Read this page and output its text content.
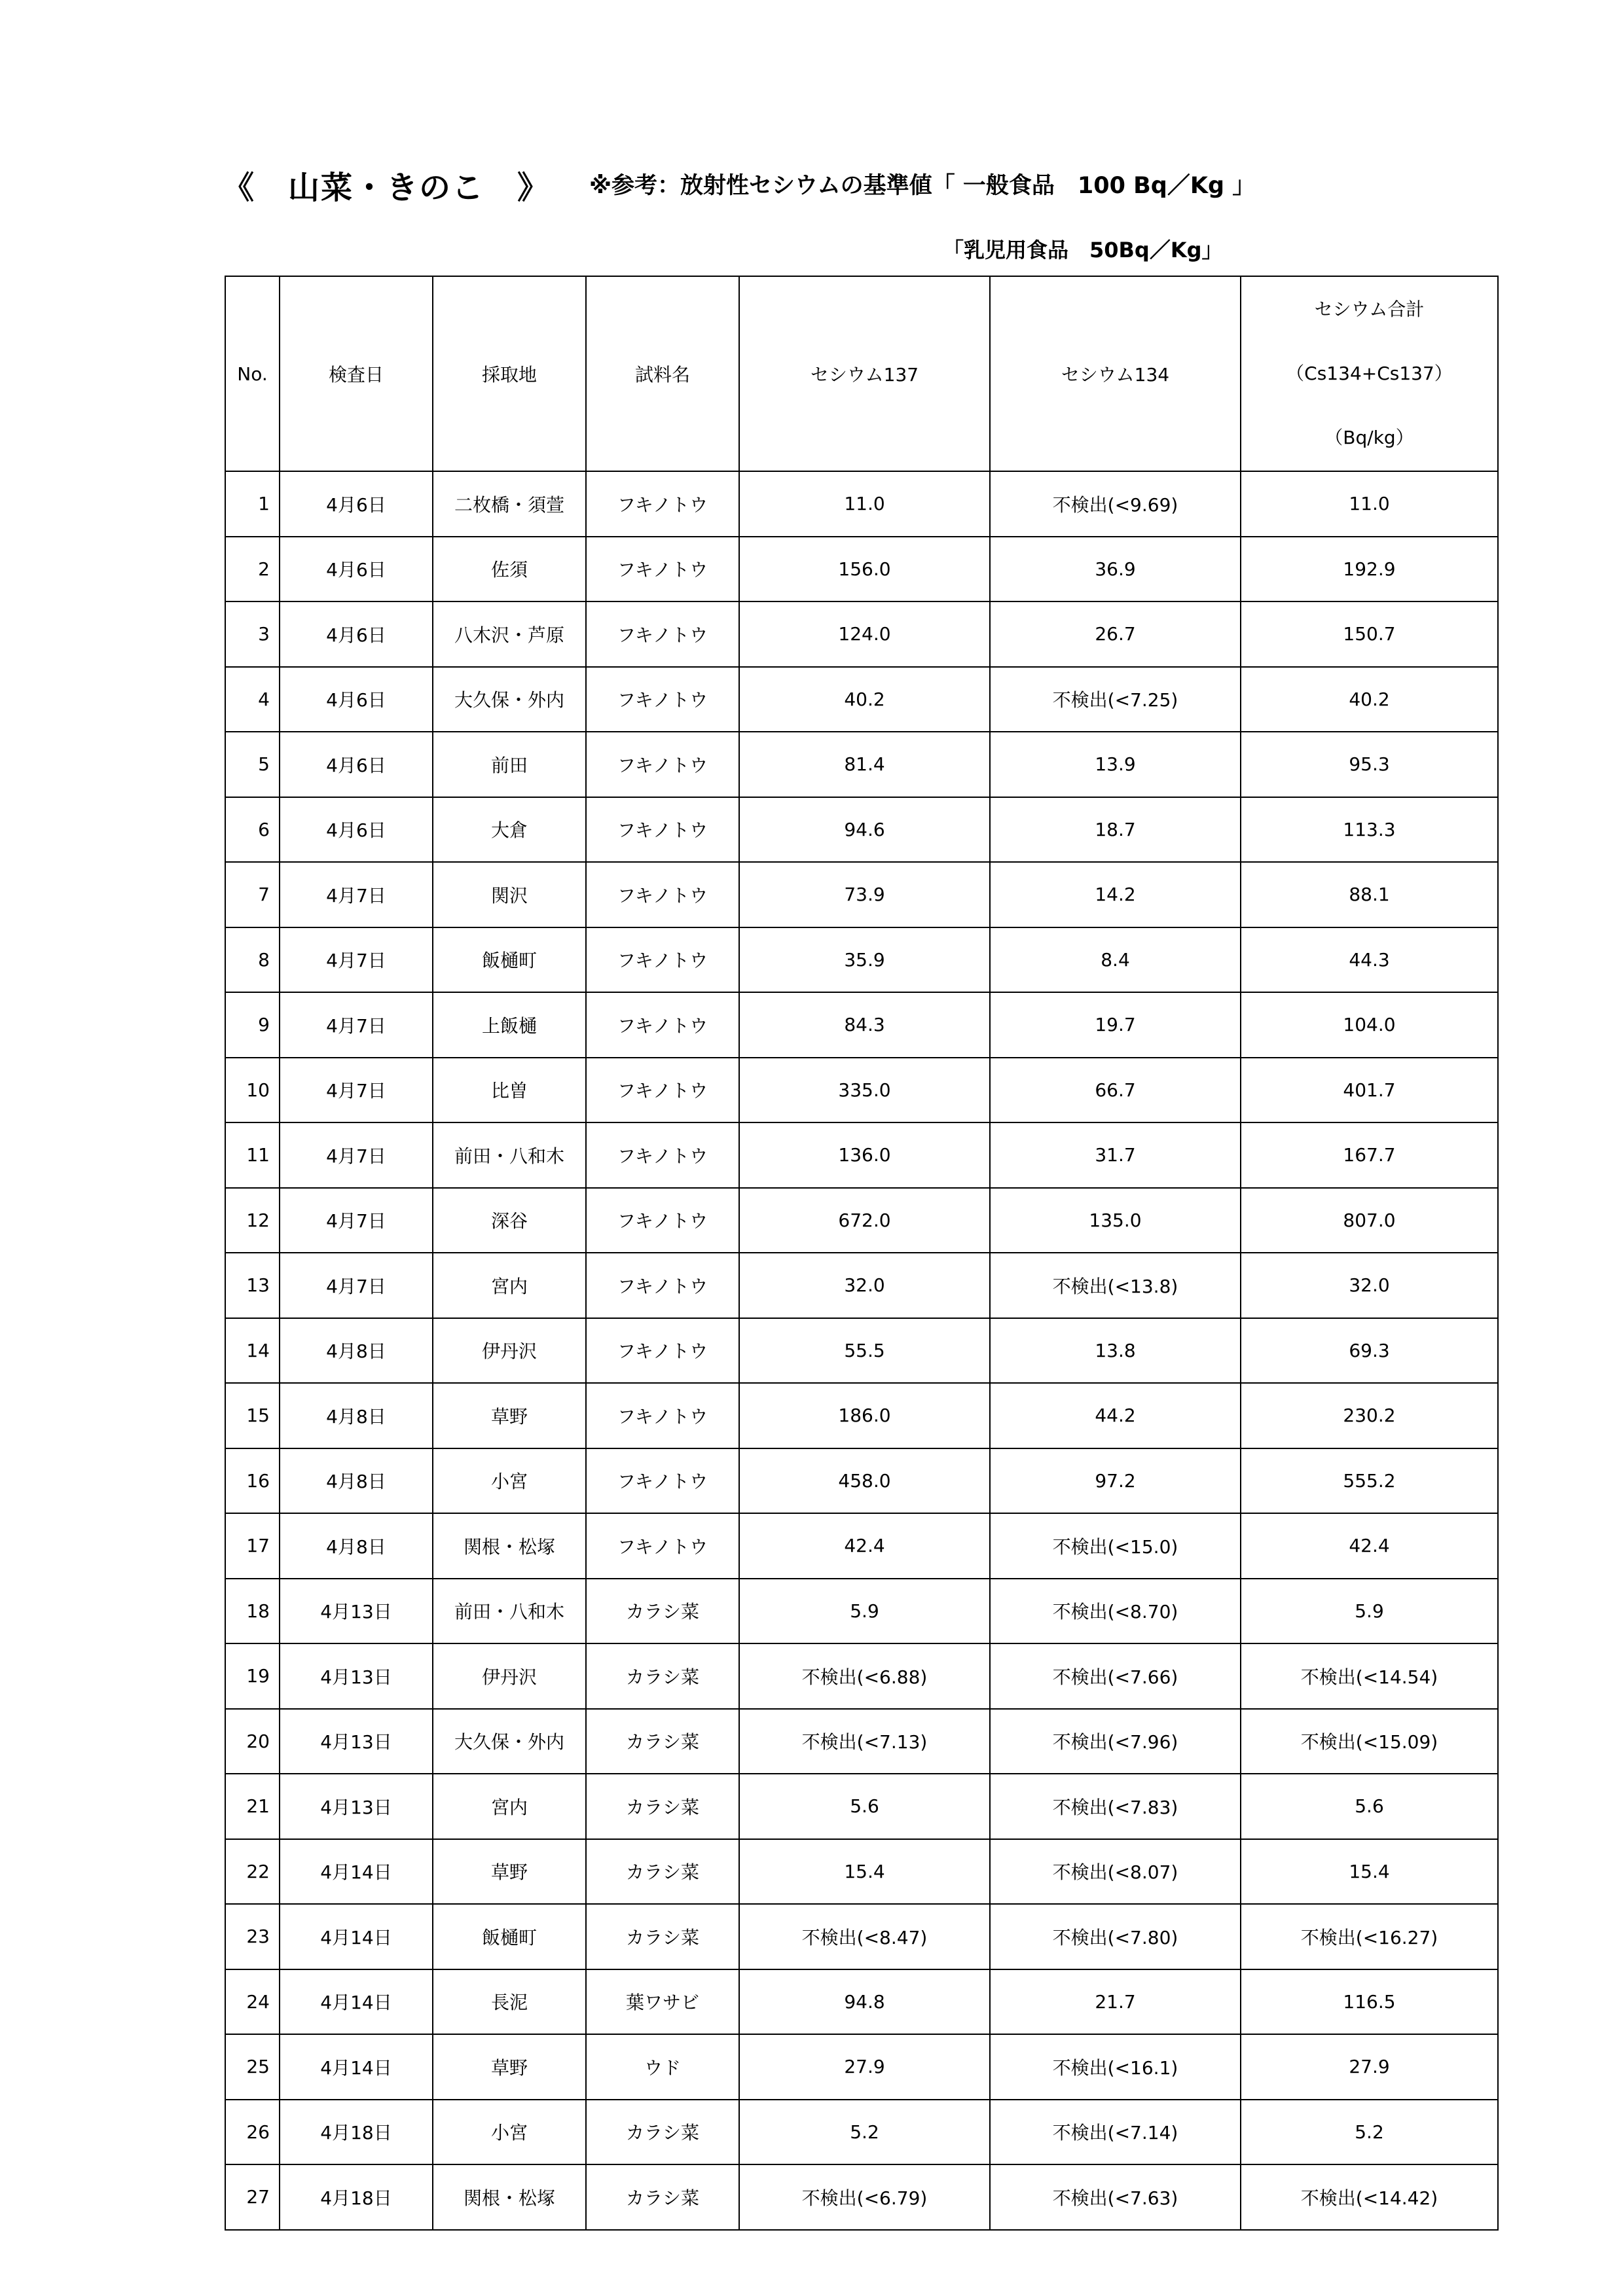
《　山菜・きのこ　》 ※参考：放射性セシウムの基準値「 一般食品　100 Bq／Kg 」
「乳児用食品　50Bq／Kg」
No.	検査日	採取地	試料名	セシウム137	セシウム134	セシウム合計
（Cs134+Cs137）
（Bq/kg）

1	4月6日	二枚橋・須萱	フキノトウ	11.0	不検出(<9.69)	11.0
2	4月6日	佐須	フキノトウ	156.0	36.9	192.9
3	4月6日	八木沢・芦原	フキノトウ	124.0	26.7	150.7
4	4月6日	大久保・外内	フキノトウ	40.2	不検出(<7.25)	40.2
5	4月6日	前田	フキノトウ	81.4	13.9	95.3
6	4月6日	大倉	フキノトウ	94.6	18.7	113.3
7	4月7日	関沢	フキノトウ	73.9	14.2	88.1
8	4月7日	飯樋町	フキノトウ	35.9	8.4	44.3
9	4月7日	上飯樋	フキノトウ	84.3	19.7	104.0
10	4月7日	比曽	フキノトウ	335.0	66.7	401.7
11	4月7日	前田・八和木	フキノトウ	136.0	31.7	167.7
12	4月7日	深谷	フキノトウ	672.0	135.0	807.0
13	4月7日	宮内	フキノトウ	32.0	不検出(<13.8)	32.0
14	4月8日	伊丹沢	フキノトウ	55.5	13.8	69.3
15	4月8日	草野	フキノトウ	186.0	44.2	230.2
16	4月8日	小宮	フキノトウ	458.0	97.2	555.2
17	4月8日	関根・松塚	フキノトウ	42.4	不検出(<15.0)	42.4
18	4月13日	前田・八和木	カラシ菜	5.9	不検出(<8.70)	5.9
19	4月13日	伊丹沢	カラシ菜	不検出(<6.88)	不検出(<7.66)	不検出(<14.54)
20	4月13日	大久保・外内	カラシ菜	不検出(<7.13)	不検出(<7.96)	不検出(<15.09)
21	4月13日	宮内	カラシ菜	5.6	不検出(<7.83)	5.6
22	4月14日	草野	カラシ菜	15.4	不検出(<8.07)	15.4
23	4月14日	飯樋町	カラシ菜	不検出(<8.47)	不検出(<7.80)	不検出(<16.27)
24	4月14日	長泥	葉ワサビ	94.8	21.7	116.5
25	4月14日	草野	ウド	27.9	不検出(<16.1)	27.9
26	4月18日	小宮	カラシ菜	5.2	不検出(<7.14)	5.2
27	4月18日	関根・松塚	カラシ菜	不検出(<6.79)	不検出(<7.63)	不検出(<14.42)
